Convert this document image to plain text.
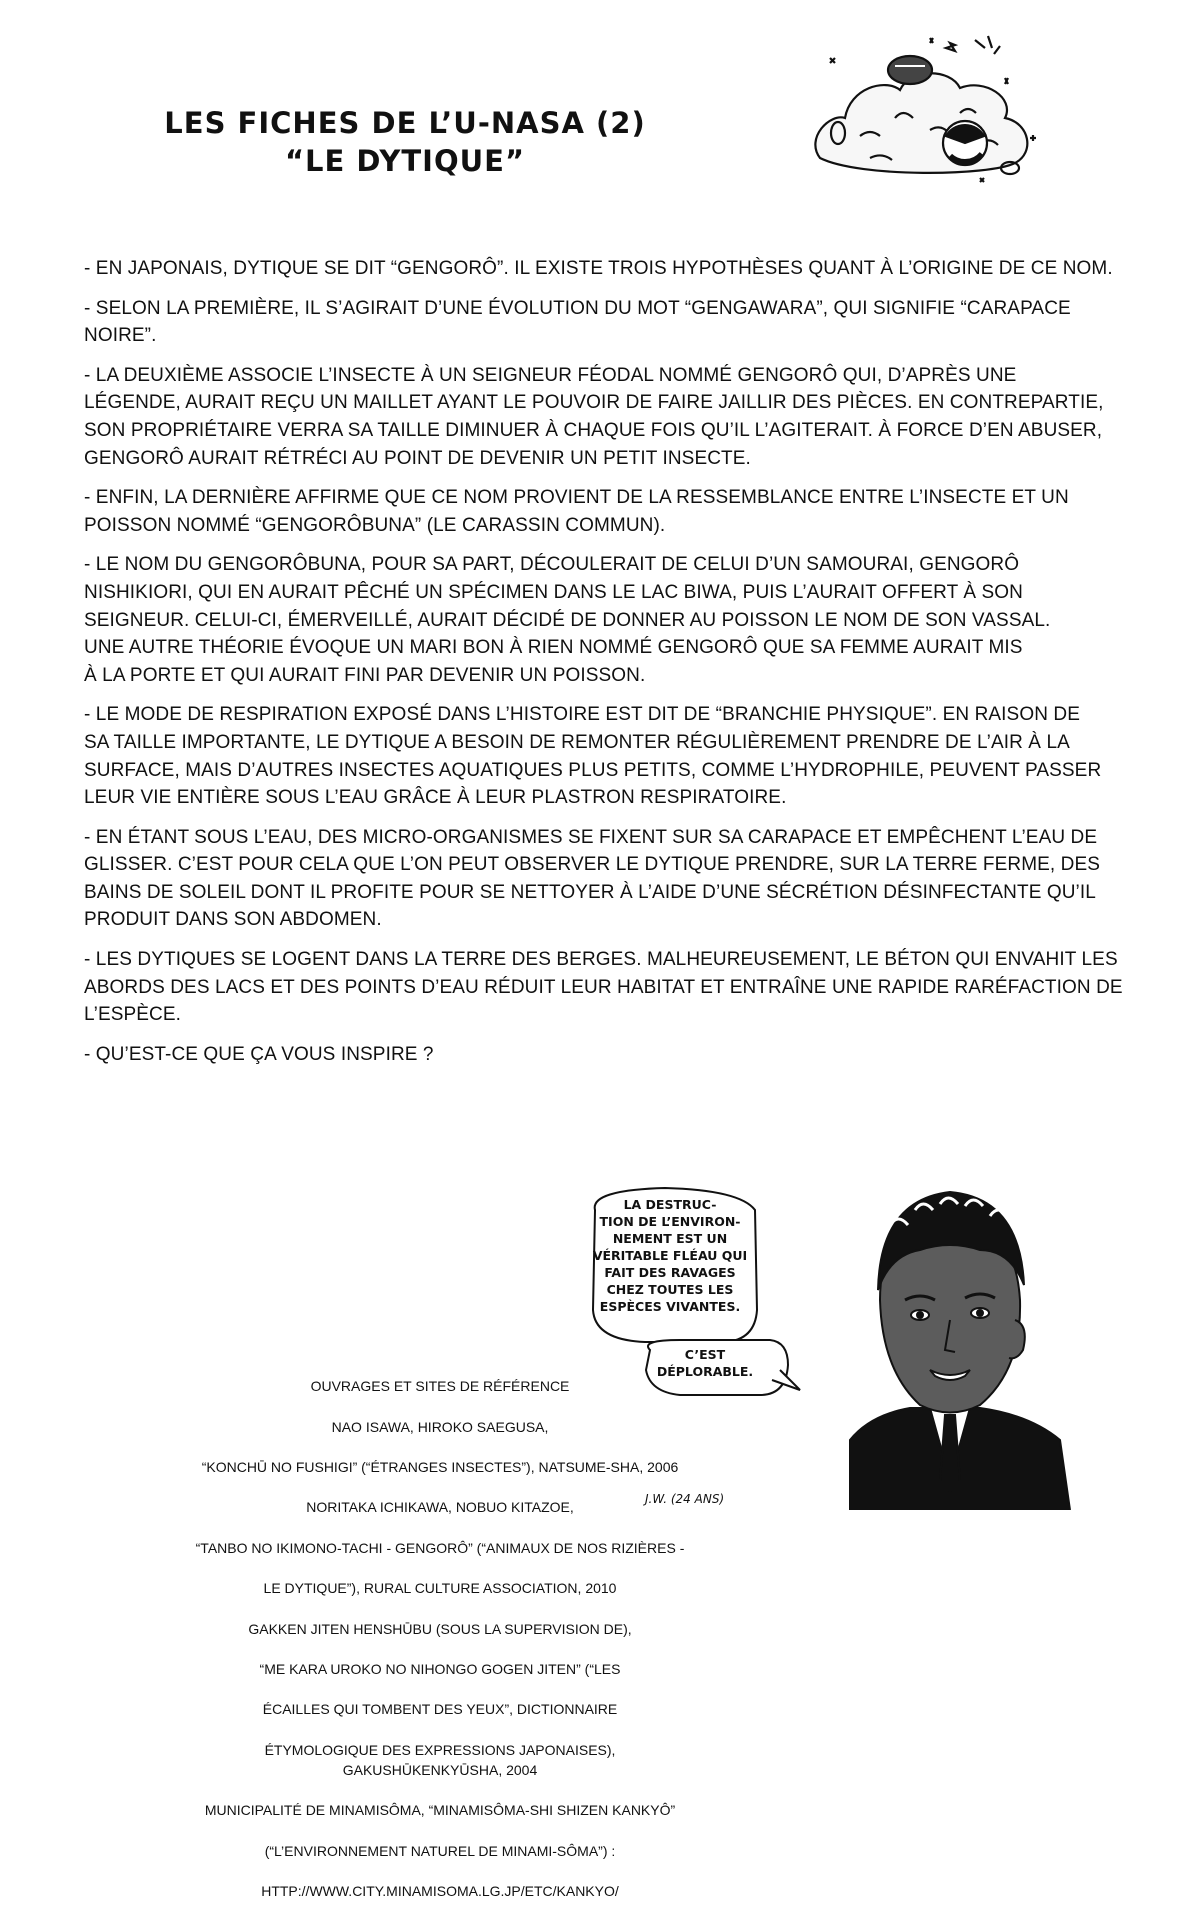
LES FICHES DE L’U-NASA (2)
“LE DYTIQUE”

- EN JAPONAIS, DYTIQUE SE DIT “GENGORÔ”. IL EXISTE TROIS HYPOTHÈSES QUANT À L’ORIGINE DE CE NOM.

- SELON LA PREMIÈRE, IL S’AGIRAIT D’UNE ÉVOLUTION DU MOT “GENGAWARA”, QUI SIGNIFIE “CARAPACE
NOIRE”.

- LA DEUXIÈME ASSOCIE L’INSECTE À UN SEIGNEUR FÉODAL NOMMÉ GENGORÔ QUI, D’APRÈS UNE
LÉGENDE, AURAIT REÇU UN MAILLET AYANT LE POUVOIR DE FAIRE JAILLIR DES PIÈCES. EN CONTREPARTIE,
SON PROPRIÉTAIRE VERRA SA TAILLE DIMINUER À CHAQUE FOIS QU’IL L’AGITERAIT. À FORCE D’EN ABUSER,
GENGORÔ AURAIT RÉTRÉCI AU POINT DE DEVENIR UN PETIT INSECTE.

- ENFIN, LA DERNIÈRE AFFIRME QUE CE NOM PROVIENT DE LA RESSEMBLANCE ENTRE L’INSECTE ET UN
POISSON NOMMÉ “GENGORÔBUNA” (LE CARASSIN COMMUN).

- LE NOM DU GENGORÔBUNA, POUR SA PART, DÉCOULERAIT DE CELUI D’UN SAMOURAI, GENGORÔ
NISHIKIORI, QUI EN AURAIT PÊCHÉ UN SPÉCIMEN DANS LE LAC BIWA, PUIS L’AURAIT OFFERT À SON
SEIGNEUR. CELUI-CI, ÉMERVEILLÉ, AURAIT DÉCIDÉ DE DONNER AU POISSON LE NOM DE SON VASSAL.
UNE AUTRE THÉORIE ÉVOQUE UN MARI BON À RIEN NOMMÉ GENGORÔ QUE SA FEMME AURAIT MIS
À LA PORTE ET QUI AURAIT FINI PAR DEVENIR UN POISSON.

- LE MODE DE RESPIRATION EXPOSÉ DANS L’HISTOIRE EST DIT DE “BRANCHIE PHYSIQUE”. EN RAISON DE
SA TAILLE IMPORTANTE, LE DYTIQUE A BESOIN DE REMONTER RÉGULIÈREMENT PRENDRE DE L’AIR À LA
SURFACE, MAIS D’AUTRES INSECTES AQUATIQUES PLUS PETITS, COMME L’HYDROPHILE, PEUVENT PASSER
LEUR VIE ENTIÈRE SOUS L’EAU GRÂCE À LEUR PLASTRON RESPIRATOIRE.

- EN ÉTANT SOUS L’EAU, DES MICRO-ORGANISMES SE FIXENT SUR SA CARAPACE ET EMPÊCHENT L’EAU DE
GLISSER. C’EST POUR CELA QUE L’ON PEUT OBSERVER LE DYTIQUE PRENDRE, SUR LA TERRE FERME, DES
BAINS DE SOLEIL DONT IL PROFITE POUR SE NETTOYER À L’AIDE D’UNE SÉCRÉTION DÉSINFECTANTE QU’IL
PRODUIT DANS SON ABDOMEN.

- LES DYTIQUES SE LOGENT DANS LA TERRE DES BERGES. MALHEUREUSEMENT, LE BÉTON QUI ENVAHIT LES
ABORDS DES LACS ET DES POINTS D’EAU RÉDUIT LEUR HABITAT ET ENTRAÎNE UNE RAPIDE RARÉFACTION DE
L’ESPÈCE.

- QU’EST-CE QUE ÇA VOUS INSPIRE ?

OUVRAGES ET SITES DE RÉFÉRENCE

NAO ISAWA, HIROKO SAEGUSA,

“KONCHŪ NO FUSHIGI” (“ÉTRANGES INSECTES”), NATSUME-SHA, 2006

NORITAKA ICHIKAWA, NOBUO KITAZOE,

“TANBO NO IKIMONO-TACHI - GENGORÔ” (“ANIMAUX DE NOS RIZIÈRES -

LE DYTIQUE”), RURAL CULTURE ASSOCIATION, 2010

GAKKEN JITEN HENSHŪBU (SOUS LA SUPERVISION DE),

“ME KARA UROKO NO NIHONGO GOGEN JITEN” (“LES

ÉCAILLES QUI TOMBENT DES YEUX”, DICTIONNAIRE

ÉTYMOLOGIQUE DES EXPRESSIONS JAPONAISES), GAKUSHŪKENKYŪSHA, 2004

MUNICIPALITÉ DE MINAMISÔMA, “MINAMISÔMA-SHI SHIZEN KANKYÔ”

(“L’ENVIRONNEMENT NATUREL DE MINAMI-SÔMA”) :

HTTP://WWW.CITY.MINAMISOMA.LG.JP/ETC/KANKYO/

LA DESTRUC-
TION DE L’ENVIRON-
NEMENT EST UN
VÉRITABLE FLÉAU QUI
FAIT DES RAVAGES
CHEZ TOUTES LES
ESPÈCES VIVANTES.
C’EST
DÉPLORABLE.
J.W. (24 ANS)
